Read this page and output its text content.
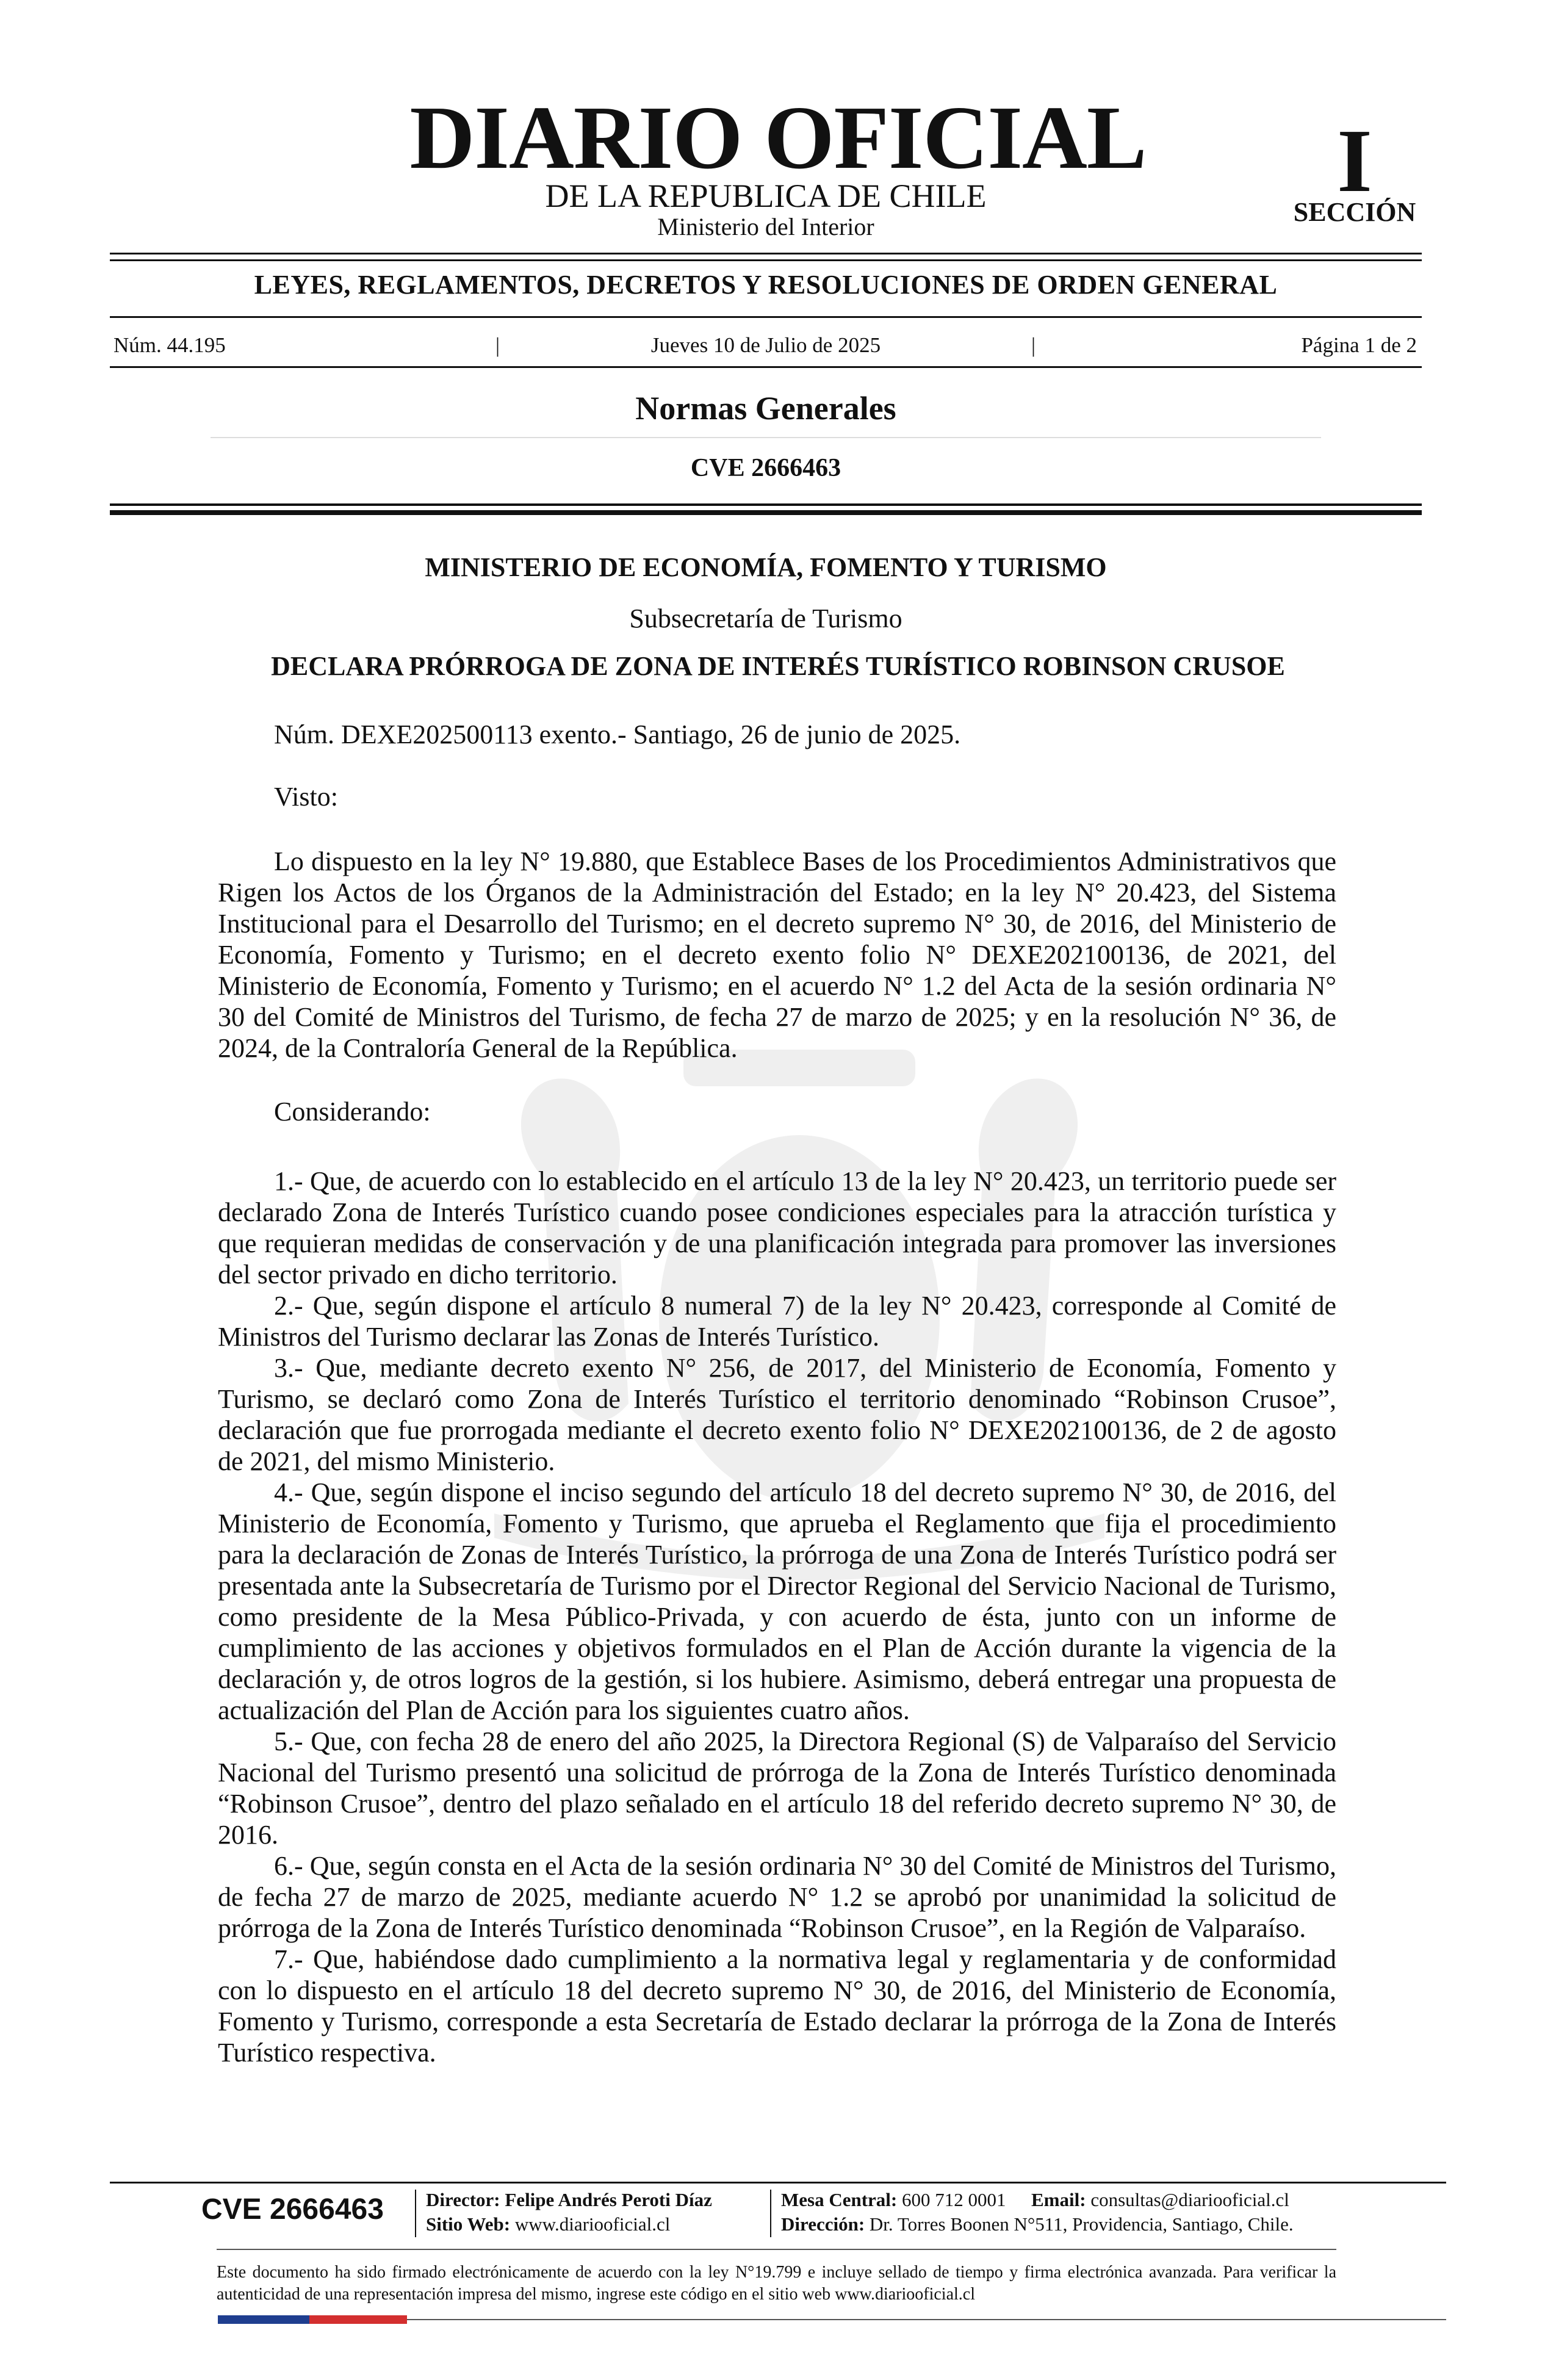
DIARIO OFICIAL
DE LA REPUBLICA DE CHILE
Ministerio del Interior
I
SECCIÓN
LEYES, REGLAMENTOS, DECRETOS Y RESOLUCIONES DE ORDEN GENERAL
Núm. 44.195	|	Jueves 10 de Julio de 2025	|	Página 1 de 2
Normas Generales
CVE 2666463
MINISTERIO DE ECONOMÍA, FOMENTO Y TURISMO
Subsecretaría de Turismo
DECLARA PRÓRROGA DE ZONA DE INTERÉS TURÍSTICO ROBINSON CRUSOE
Núm. DEXE202500113 exento.- Santiago, 26 de junio de 2025.
Visto:
Lo dispuesto en la ley N° 19.880, que Establece Bases de los Procedimientos Administrativos que Rigen los Actos de los Órganos de la Administración del Estado; en la ley N° 20.423, del Sistema Institucional para el Desarrollo del Turismo; en el decreto supremo N° 30, de 2016, del Ministerio de Economía, Fomento y Turismo; en el decreto exento folio N° DEXE202100136, de 2021, del Ministerio de Economía, Fomento y Turismo; en el acuerdo N° 1.2 del Acta de la sesión ordinaria N° 30 del Comité de Ministros del Turismo, de fecha 27 de marzo de 2025; y en la resolución N° 36, de 2024, de la Contraloría General de la República.
Considerando:

1.- Que, de acuerdo con lo establecido en el artículo 13 de la ley N° 20.423, un territorio puede ser declarado Zona de Interés Turístico cuando posee condiciones especiales para la atracción turística y que requieran medidas de conservación y de una planificación integrada para promover las inversiones del sector privado en dicho territorio.

2.- Que, según dispone el artículo 8 numeral 7) de la ley N° 20.423, corresponde al Comité de Ministros del Turismo declarar las Zonas de Interés Turístico.

3.- Que, mediante decreto exento N° 256, de 2017, del Ministerio de Economía, Fomento y Turismo, se declaró como Zona de Interés Turístico el territorio denominado “Robinson Crusoe”, declaración que fue prorrogada mediante el decreto exento folio N° DEXE202100136, de 2 de agosto de 2021, del mismo Ministerio.

4.- Que, según dispone el inciso segundo del artículo 18 del decreto supremo N° 30, de 2016, del Ministerio de Economía, Fomento y Turismo, que aprueba el Reglamento que fija el procedimiento para la declaración de Zonas de Interés Turístico, la prórroga de una Zona de Interés Turístico podrá ser presentada ante la Subsecretaría de Turismo por el Director Regional del Servicio Nacional de Turismo, como presidente de la Mesa Público-Privada, y con acuerdo de ésta, junto con un informe de cumplimiento de las acciones y objetivos formulados en el Plan de Acción durante la vigencia de la declaración y, de otros logros de la gestión, si los hubiere. Asimismo, deberá entregar una propuesta de actualización del Plan de Acción para los siguientes cuatro años.

5.- Que, con fecha 28 de enero del año 2025, la Directora Regional (S) de Valparaíso del Servicio Nacional del Turismo presentó una solicitud de prórroga de la Zona de Interés Turístico denominada “Robinson Crusoe”, dentro del plazo señalado en el artículo 18 del referido decreto supremo N° 30, de 2016.

6.- Que, según consta en el Acta de la sesión ordinaria N° 30 del Comité de Ministros del Turismo, de fecha 27 de marzo de 2025, mediante acuerdo N° 1.2 se aprobó por unanimidad la solicitud de prórroga de la Zona de Interés Turístico denominada “Robinson Crusoe”, en la Región de Valparaíso.

7.- Que, habiéndose dado cumplimiento a la normativa legal y reglamentaria y de conformidad con lo dispuesto en el artículo 18 del decreto supremo N° 30, de 2016, del Ministerio de Economía, Fomento y Turismo, corresponde a esta Secretaría de Estado declarar la prórroga de la Zona de Interés Turístico respectiva.

CVE 2666463	Director: Felipe Andrés Peroti Díaz
Sitio Web: www.diariooficial.cl
Mesa Central: 600 712 0001 Email: consultas@diariooficial.cl
Dirección: Dr. Torres Boonen N°511, Providencia, Santiago, Chile.
Este documento ha sido firmado electrónicamente de acuerdo con la ley N°19.799 e incluye sellado de tiempo y firma electrónica avanzada. Para verificar la autenticidad de una representación impresa del mismo, ingrese este código en el sitio web www.diariooficial.cl
